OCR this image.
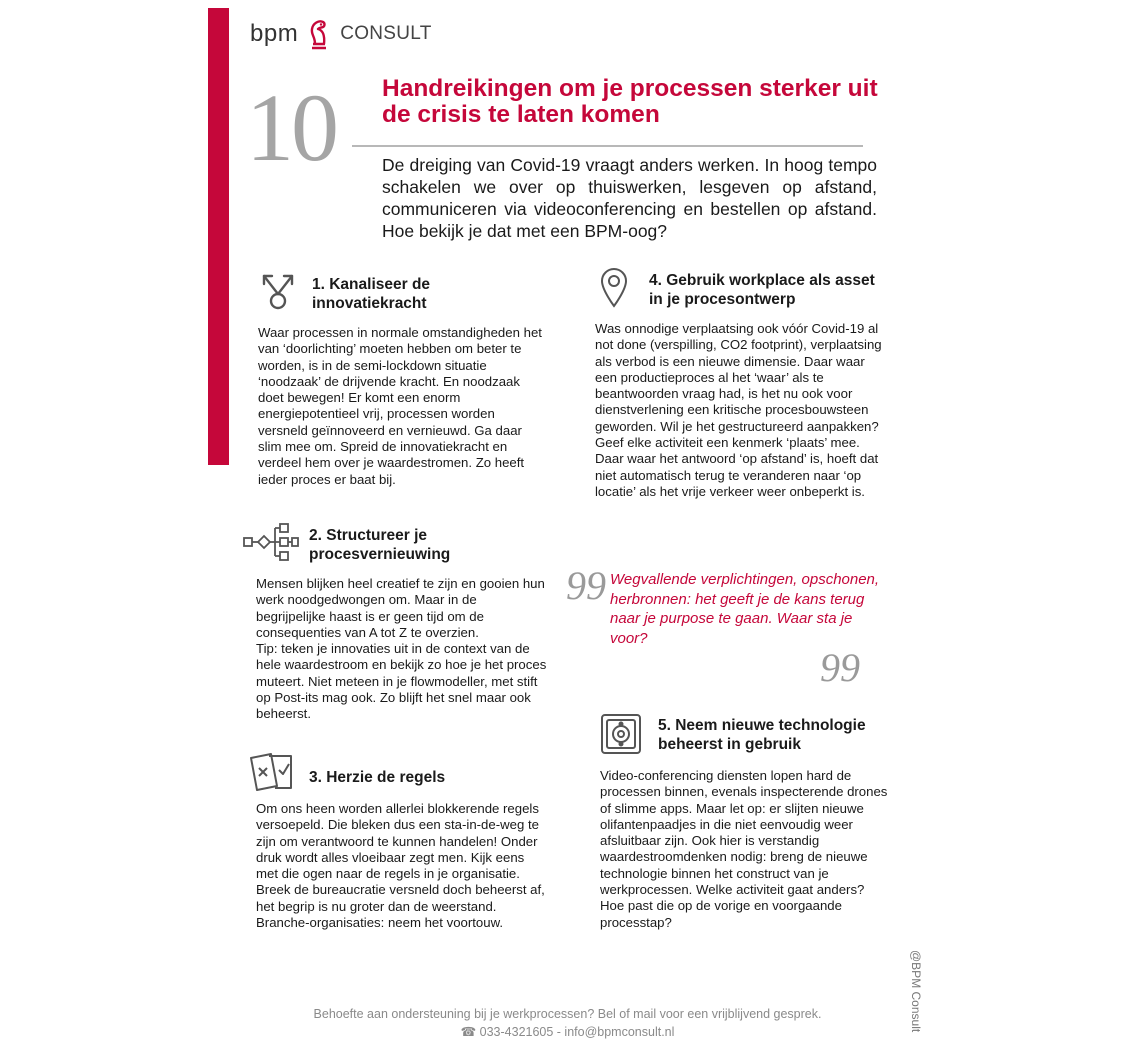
bpm CONSULT
10 Handreikingen om je processen sterker uit de crisis te laten komen
De dreiging van Covid-19 vraagt anders werken. In hoog tempo schakelen we over op thuiswerken, lesgeven op afstand, communiceren via videoconferencing en bestellen op afstand. Hoe bekijk je dat met een BPM-oog?
1. Kanaliseer de innovatiekracht
Waar processen in normale omstandigheden het van ‘doorlichting’ moeten hebben om beter te worden, is in de semi-lockdown situatie ‘noodzaak’ de drijvende kracht. En noodzaak doet bewegen! Er komt een enorm energiepotentieel vrij, processen worden versneld geïnnoveerd en vernieuwd. Ga daar slim mee om. Spreid de innovatiekracht en verdeel hem over je waardestromen. Zo heeft ieder proces er baat bij.
2. Structureer je procesvernieuwing
Mensen blijken heel creatief te zijn en gooien hun werk noodgedwongen om. Maar in de begrijpelijke haast is er geen tijd om de consequenties van A tot Z te overzien.
Tip: teken je innovaties uit in de context van de hele waardestroom en bekijk zo hoe je het proces muteert. Niet meteen in je flowmodeller, met stift op Post-its mag ook. Zo blijft het snel maar ook beheerst.
3. Herzie de regels
Om ons heen worden allerlei blokkerende regels versoepeld. Die bleken dus een sta-in-de-weg te zijn om verantwoord te kunnen handelen! Onder druk wordt alles vloeibaar zegt men. Kijk eens met die ogen naar de regels in je organisatie. Breek de bureaucratie versneld doch beheerst af, het begrip is nu groter dan de weerstand.
Branche-organisaties: neem het voortouw.
4. Gebruik workplace als asset in je procesontwerp
Was onnodige verplaatsing ook vóór Covid-19 al not done (verspilling, CO2 footprint), verplaatsing als verbod is een nieuwe dimensie. Daar waar een productieproces al het ‘waar’ als te beantwoorden vraag had, is het nu ook voor dienstverlening een kritische procesbouwsteen geworden. Wil je het gestructureerd aanpakken? Geef elke activiteit een kenmerk ‘plaats’ mee. Daar waar het antwoord ‘op afstand’ is, hoeft dat niet automatisch terug te veranderen naar ‘op locatie’ als het vrije verkeer weer onbeperkt is.
99 Wegvallende verplichtingen, opschonen, herbronnen: het geeft je de kans terug naar je purpose te gaan. Waar sta je voor?
99
5. Neem nieuwe technologie beheerst in gebruik
Video-conferencing diensten lopen hard de processen binnen, evenals inspecterende drones of slimme apps. Maar let op: er slijten nieuwe olifantenpaadjes in die niet eenvoudig weer afsluitbaar zijn. Ook hier is verstandig waardestroomdenken nodig: breng de nieuwe technologie binnen het construct van je werkprocessen. Welke activiteit gaat anders? Hoe past die op de vorige en voorgaande processtap?
@BPM Consult
Behoefte aan ondersteuning bij je werkprocessen? Bel of mail voor een vrijblijvend gesprek.
☎ 033-4321605 - info@bpmconsult.nl
